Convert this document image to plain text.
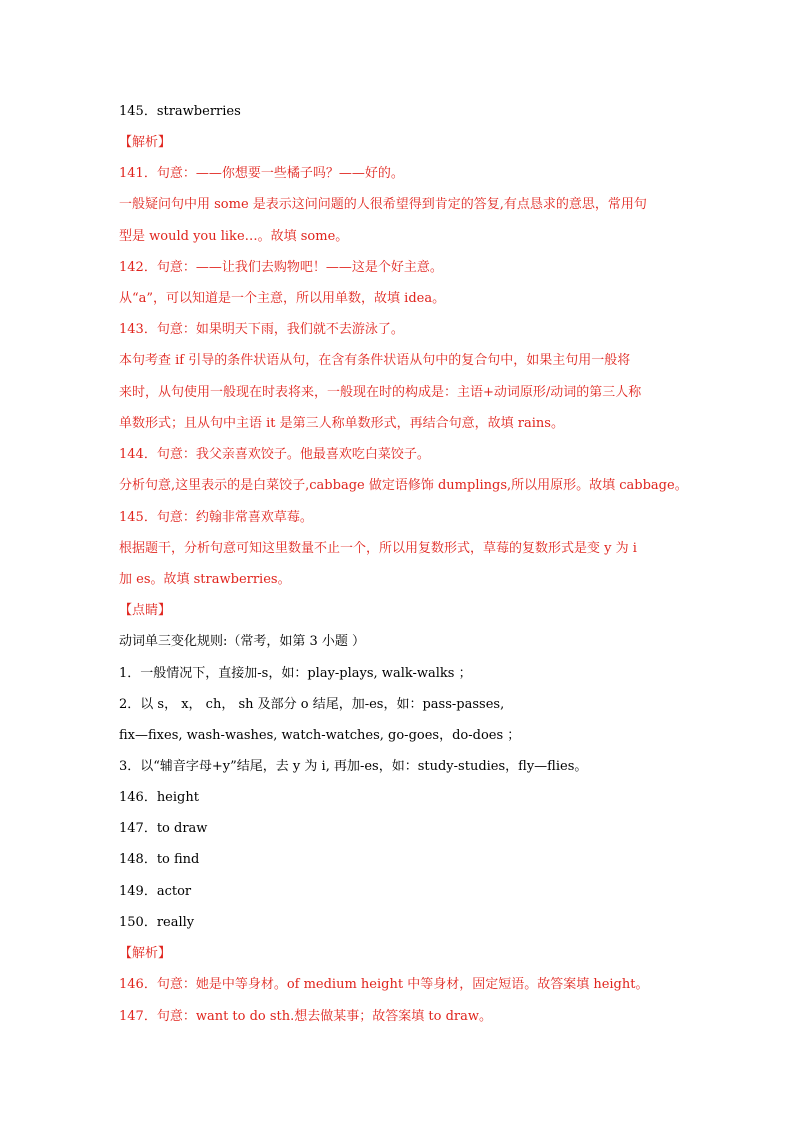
145．strawberries
【解析】
141．句意：——你想要一些橘子吗？——好的。
一般疑问句中用 some 是表示这问问题的人很希望得到肯定的答复,有点恳求的意思，常用句
型是 would you like…。故填 some。
142．句意：——让我们去购物吧！——这是个好主意。
从“a”，可以知道是一个主意，所以用单数，故填 idea。
143．句意：如果明天下雨，我们就不去游泳了。
本句考查 if 引导的条件状语从句，在含有条件状语从句中的复合句中，如果主句用一般将
来时，从句使用一般现在时表将来，一般现在时的构成是：主语+动词原形/动词的第三人称
单数形式；且从句中主语 it 是第三人称单数形式，再结合句意，故填 rains。
144．句意：我父亲喜欢饺子。他最喜欢吃白菜饺子。
分析句意,这里表示的是白菜饺子,cabbage 做定语修饰 dumplings,所以用原形。故填 cabbage。
145．句意：约翰非常喜欢草莓。
根据题干，分析句意可知这里数量不止一个，所以用复数形式，草莓的复数形式是变 y 为 i
加 es。故填 strawberries。
【点睛】
动词单三变化规则:（常考，如第 3 小题 ）
1．一般情况下，直接加-s，如：play-plays, walk-walks ；
2．以 s， x， ch， sh 及部分 o 结尾，加-es，如：pass-passes,
fix—fixes, wash-washes, watch-watches, go-goes，do-does ；
3．以“辅音字母+y”结尾，去 y 为 i, 再加-es，如：study-studies，fly—flies。
146．height
147．to draw
148．to find
149．actor
150．really
【解析】
146．句意：她是中等身材。of medium height 中等身材，固定短语。故答案填 height。
147．句意：want to do sth.想去做某事；故答案填 to draw。
